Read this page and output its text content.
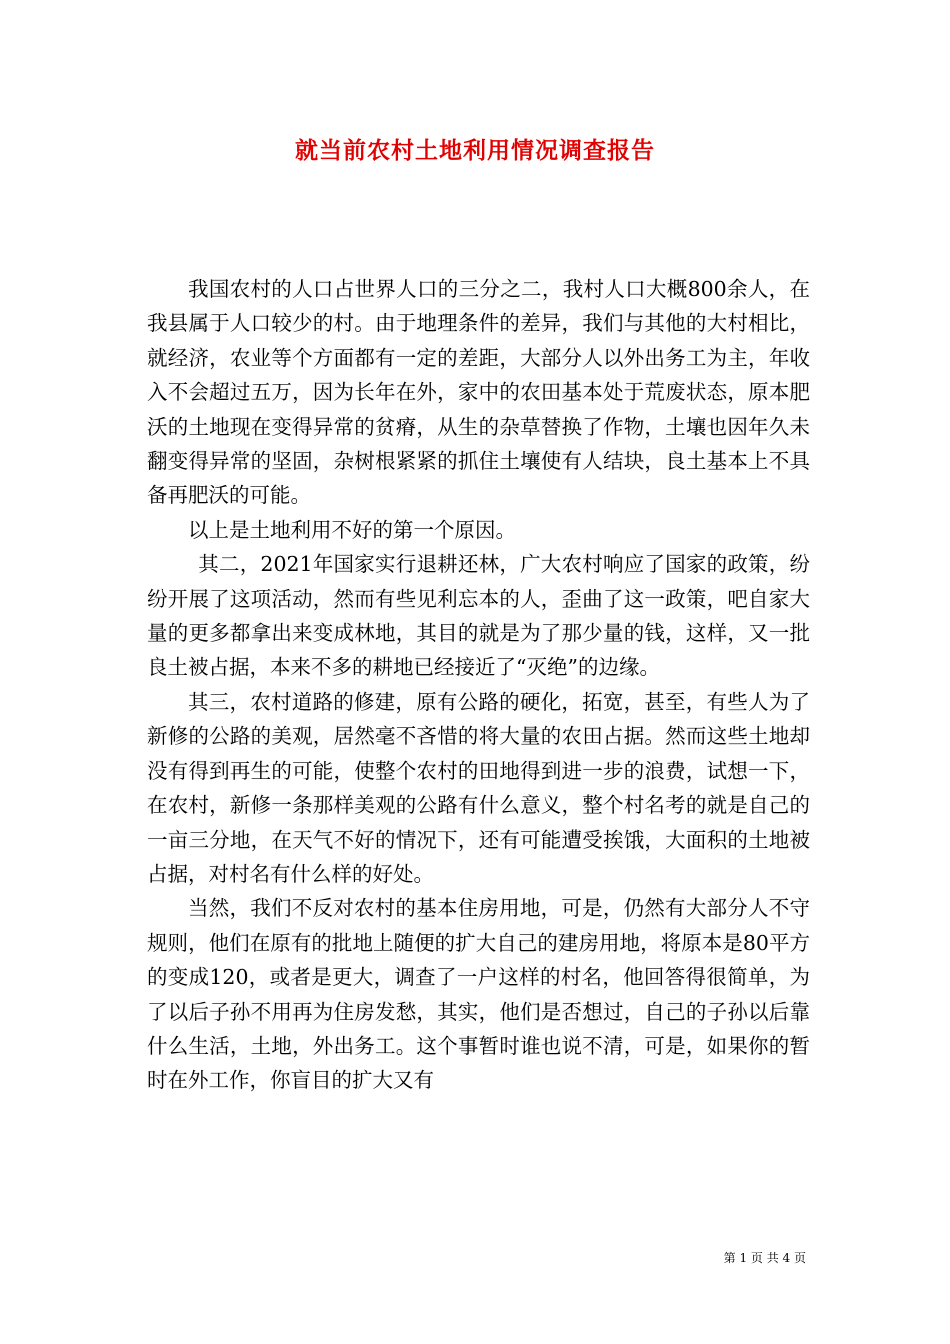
就当前农村土地利用情况调查报告

我国农村的人口占世界人口的三分之二，我村人口大概800余人，在我县属于人口较少的村。由于地理条件的差异，我们与其他的大村相比，就经济，农业等个方面都有一定的差距，大部分人以外出务工为主，年收入不会超过五万，因为长年在外，家中的农田基本处于荒废状态，原本肥沃的土地现在变得异常的贫瘠，从生的杂草替换了作物，土壤也因年久未翻变得异常的坚固，杂树根紧紧的抓住土壤使有人结块，良土基本上不具备再肥沃的可能。

以上是土地利用不好的第一个原因。

其二，2021年国家实行退耕还林，广大农村响应了国家的政策，纷纷开展了这项活动，然而有些见利忘本的人，歪曲了这一政策，吧自家大量的更多都拿出来变成林地，其目的就是为了那少量的钱，这样，又一批良土被占据，本来不多的耕地已经接近了“灭绝”的边缘。

其三，农村道路的修建，原有公路的硬化，拓宽，甚至，有些人为了新修的公路的美观，居然毫不吝惜的将大量的农田占据。然而这些土地却没有得到再生的可能，使整个农村的田地得到进一步的浪费，试想一下，在农村，新修一条那样美观的公路有什么意义，整个村名考的就是自己的一亩三分地，在天气不好的情况下，还有可能遭受挨饿，大面积的土地被占据，对村名有什么样的好处。

当然，我们不反对农村的基本住房用地，可是，仍然有大部分人不守规则，他们在原有的批地上随便的扩大自己的建房用地，将原本是80平方的变成120，或者是更大，调查了一户这样的村名，他回答得很简单，为了以后子孙不用再为住房发愁，其实，他们是否想过，自己的子孙以后靠什么生活，土地，外出务工。这个事暂时谁也说不清，可是，如果你的暂时在外工作，你盲目的扩大又有

第 1 页 共 4 页
